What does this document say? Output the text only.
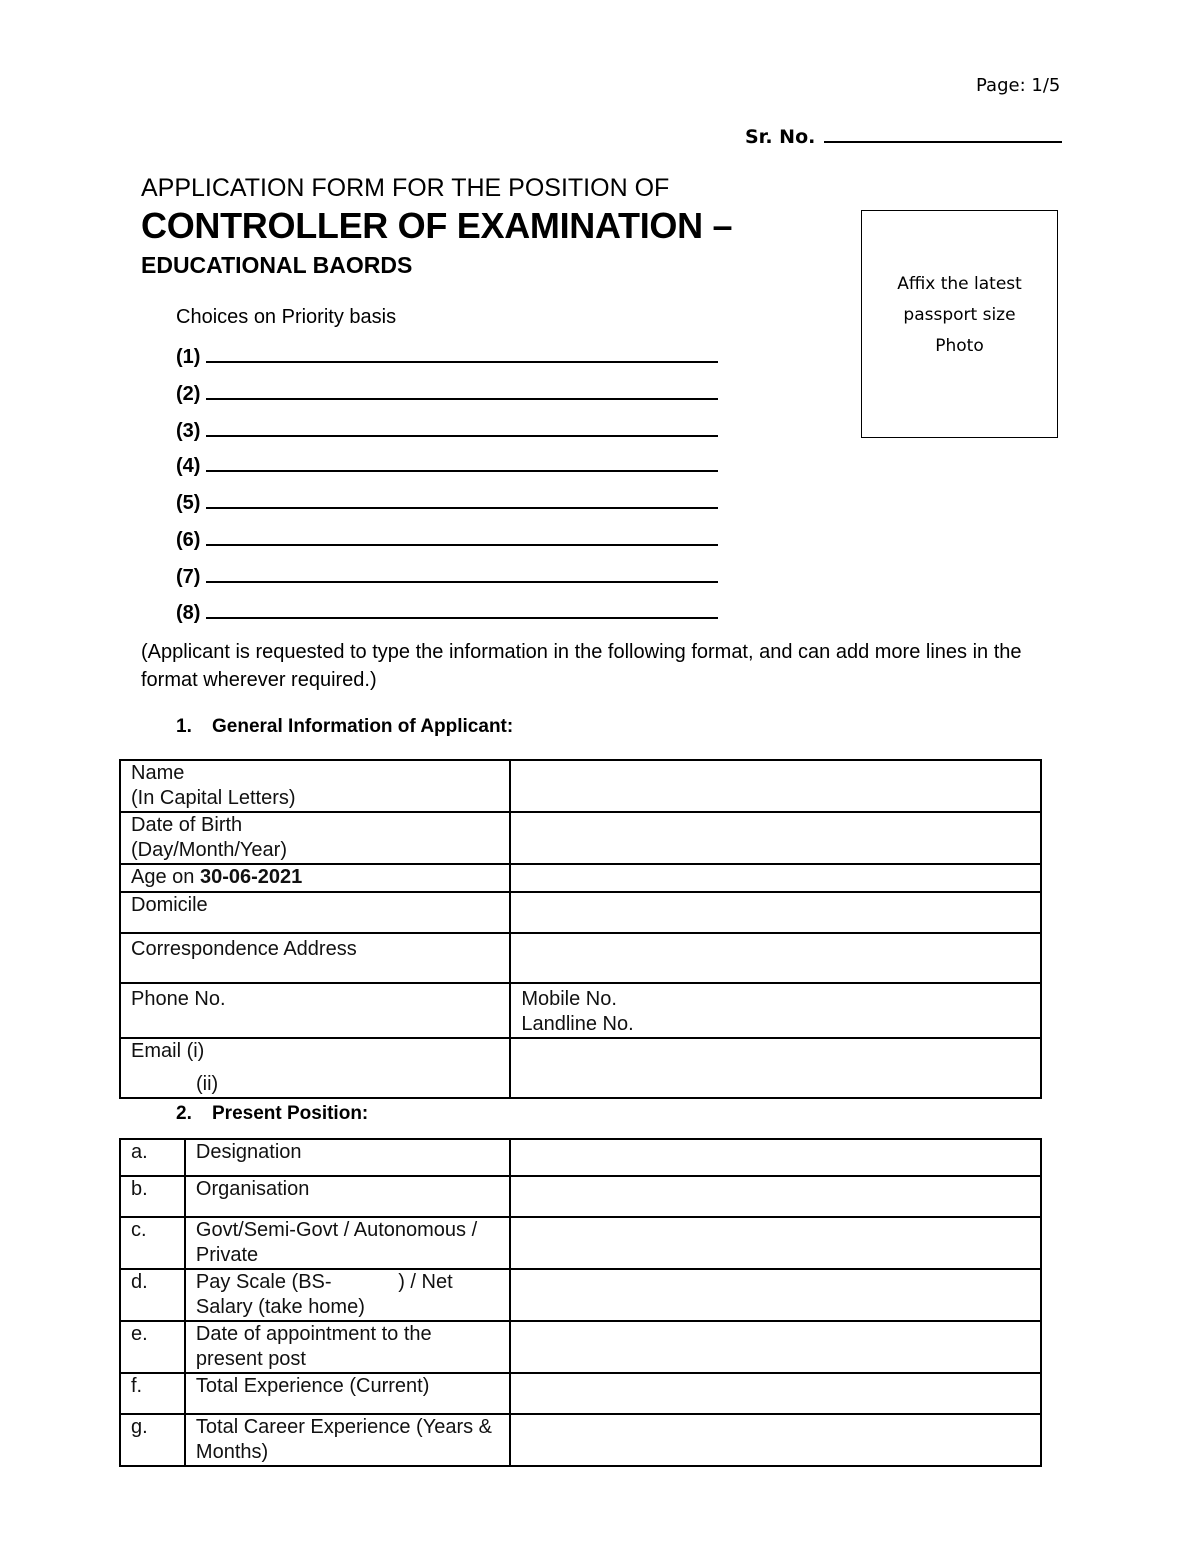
Page: 1/5
Sr. No.
APPLICATION FORM FOR THE POSITION OF
CONTROLLER OF EXAMINATION –
EDUCATIONAL BAORDS
Affix the latest
passport size
Photo
Choices on Priority basis
(1)
(2)
(3)
(4)
(5)
(6)
(7)
(8)
(Applicant is requested to type the information in the following format, and can add more lines in the format wherever required.)
1. General Information of Applicant:
Name
(In Capital Letters)	

Date of Birth
(Day/Month/Year)	

Age on 30-06-2021	

Domicile	

Correspondence Address	

Phone No.	Mobile No.
Landline No.

Email (i)
(ii)	

2. Present Position:
a.	Designation	
b.	Organisation	
c.	Govt/Semi-Govt / Autonomous / Private	
d.	Pay Scale (BS-            ) / Net Salary (take home)	
e.	Date of appointment to the present post	
f.	Total Experience (Current)	
g.	Total Career Experience (Years & Months)	
